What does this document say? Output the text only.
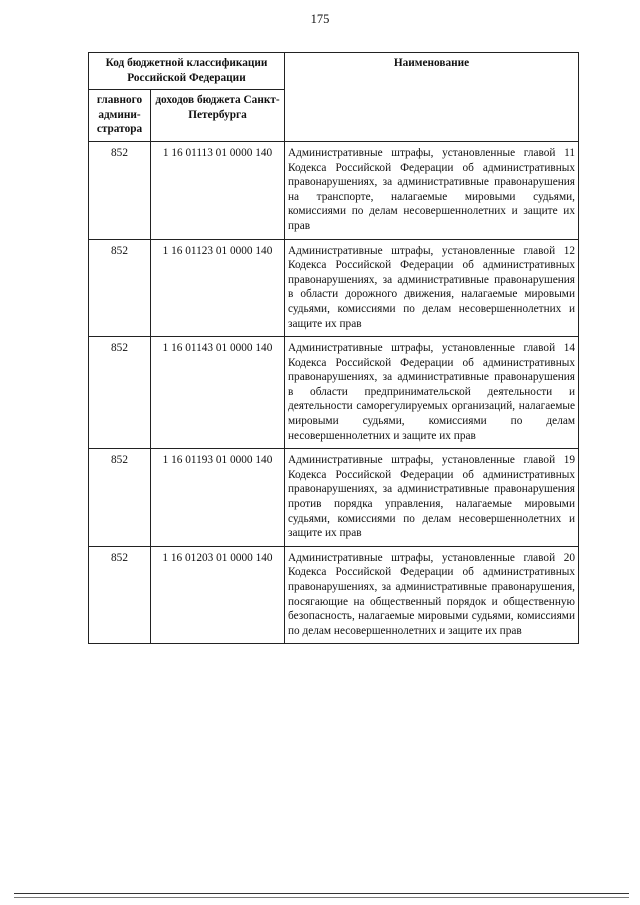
175
Код бюджетной классификации Российской Федерации		Наименование
главного админи-стратора	доходов бюджета Санкт-Петербурга	
852	1 16 01113 01 0000 140	Административные штрафы, установленные главой 11 Кодекса Российской Федерации об административных правонарушениях, за административные правонарушения на транспорте, налагаемые мировыми судьями, комиссиями по делам несовершеннолетних и защите их прав
852	1 16 01123 01 0000 140	Административные штрафы, установленные главой 12 Кодекса Российской Федерации об административных правонарушениях, за административные правонарушения в области дорожного движения, налагаемые мировыми судьями, комиссиями по делам несовершеннолетних и защите их прав
852	1 16 01143 01 0000 140	Административные штрафы, установленные главой 14 Кодекса Российской Федерации об административных правонарушениях, за административные правонарушения в области предпринимательской деятельности и деятельности саморегулируемых организаций, налагаемые мировыми судьями, комиссиями по делам несовершеннолетних и защите их прав
852	1 16 01193 01 0000 140	Административные штрафы, установленные главой 19 Кодекса Российской Федерации об административных правонарушениях, за административные правонарушения против порядка управления, налагаемые мировыми судьями, комиссиями по делам несовершеннолетних и защите их прав
852	1 16 01203 01 0000 140	Административные штрафы, установленные главой 20 Кодекса Российской Федерации об административных правонарушениях, за административные правонарушения, посягающие на общественный порядок и общественную безопасность, налагаемые мировыми судьями, комиссиями по делам несовершеннолетних и защите их прав
